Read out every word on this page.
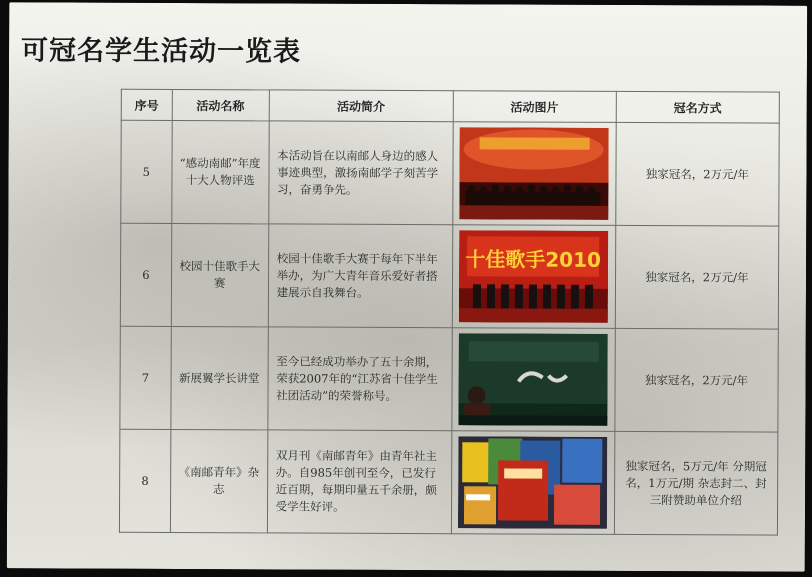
可冠名学生活动一览表
序号	活动名称	活动简介	活动图片	冠名方式
5	“感动南邮”年度十大人物评选	本活动旨在以南邮人身边的感人事迹典型，激扬南邮学子刻苦学习，奋勇争先。		独家冠名，2万元/年
6	校园十佳歌手大赛	校园十佳歌手大赛于每年下半年举办，为广大青年音乐爱好者搭建展示自我舞台。	十佳歌手2010	独家冠名，2万元/年
7	新展翼学长讲堂	至今已经成功举办了五十余期，荣获2007年的“江苏省十佳学生社团活动”的荣誉称号。		独家冠名，2万元/年
8	《南邮青年》杂志	双月刊《南邮青年》由青年社主办。自985年创刊至今，已发行近百期，每期印量五千余册，颇受学生好评。		独家冠名，5万元/年 分期冠名，1万元/期 杂志封二、封三附赞助单位介绍
